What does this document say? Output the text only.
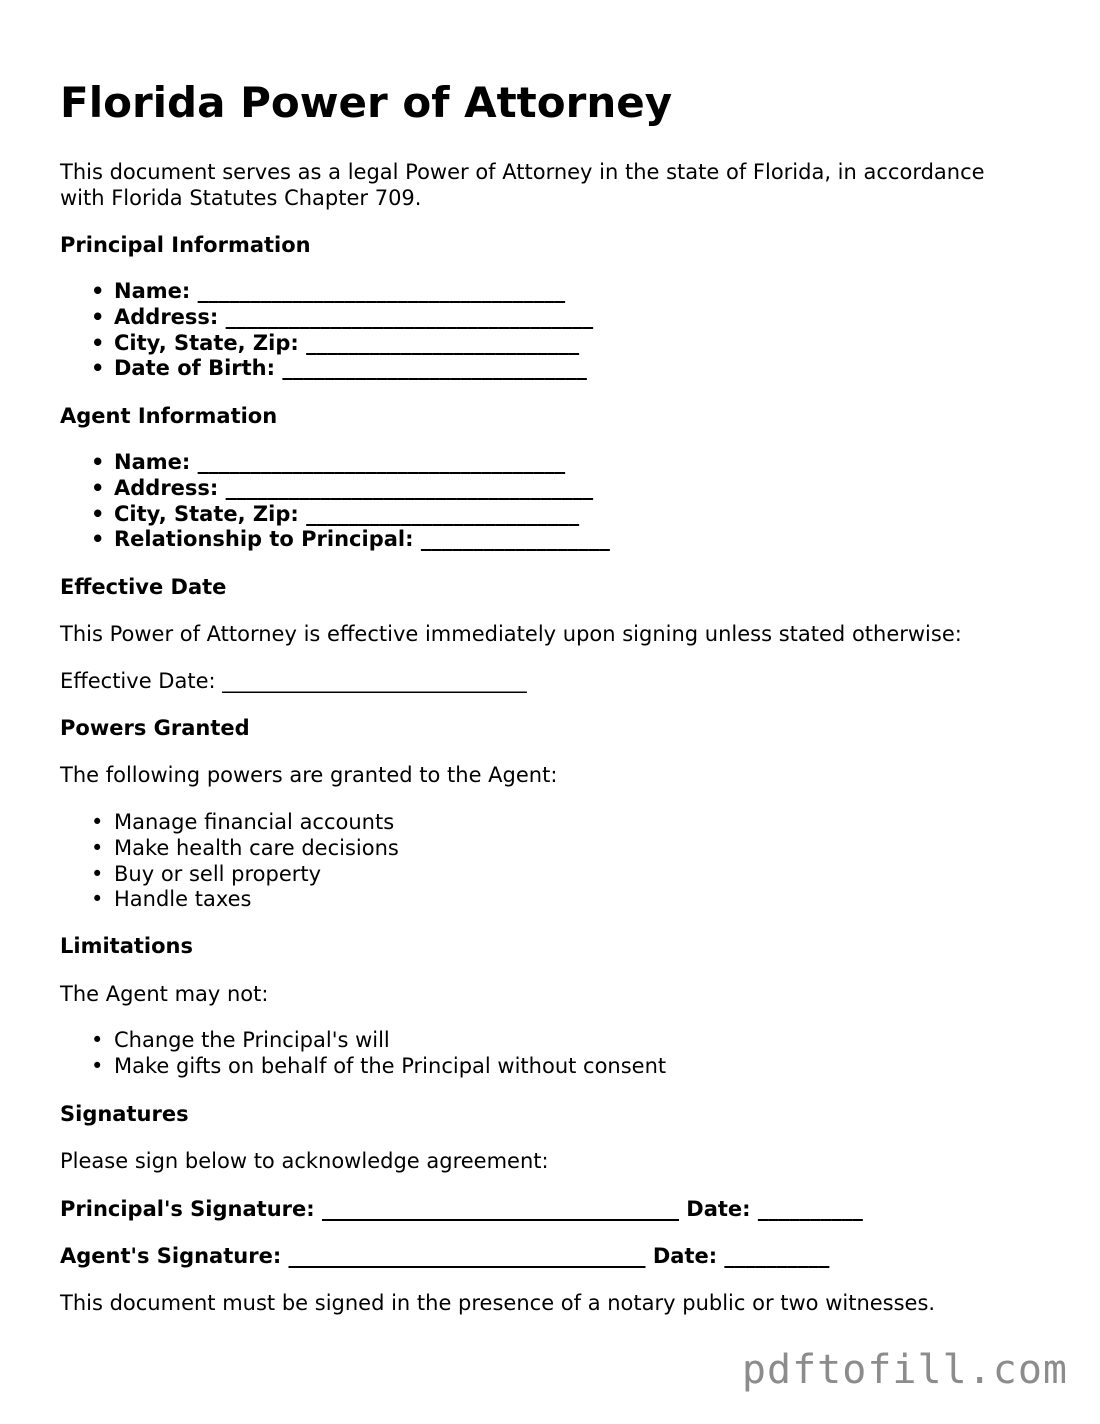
Florida Power of Attorney
This document serves as a legal Power of Attorney in the state of Florida, in accordance
with Florida Statutes Chapter 709.
Principal Information
• Name: ___________________________________
• Address: ___________________________________
• City, State, Zip: __________________________
• Date of Birth: _____________________________
Agent Information
• Name: ___________________________________
• Address: ___________________________________
• City, State, Zip: __________________________
• Relationship to Principal: __________________
Effective Date
This Power of Attorney is effective immediately upon signing unless stated otherwise:
Effective Date: _____________________________
Powers Granted
The following powers are granted to the Agent:
• Manage financial accounts
• Make health care decisions
• Buy or sell property
• Handle taxes
Limitations
The Agent may not:
• Change the Principal's will
• Make gifts on behalf of the Principal without consent
Signatures
Please sign below to acknowledge agreement:
Principal's Signature: __________________________________ Date: __________
Agent's Signature: __________________________________ Date: __________
This document must be signed in the presence of a notary public or two witnesses.
pdftofill.com
